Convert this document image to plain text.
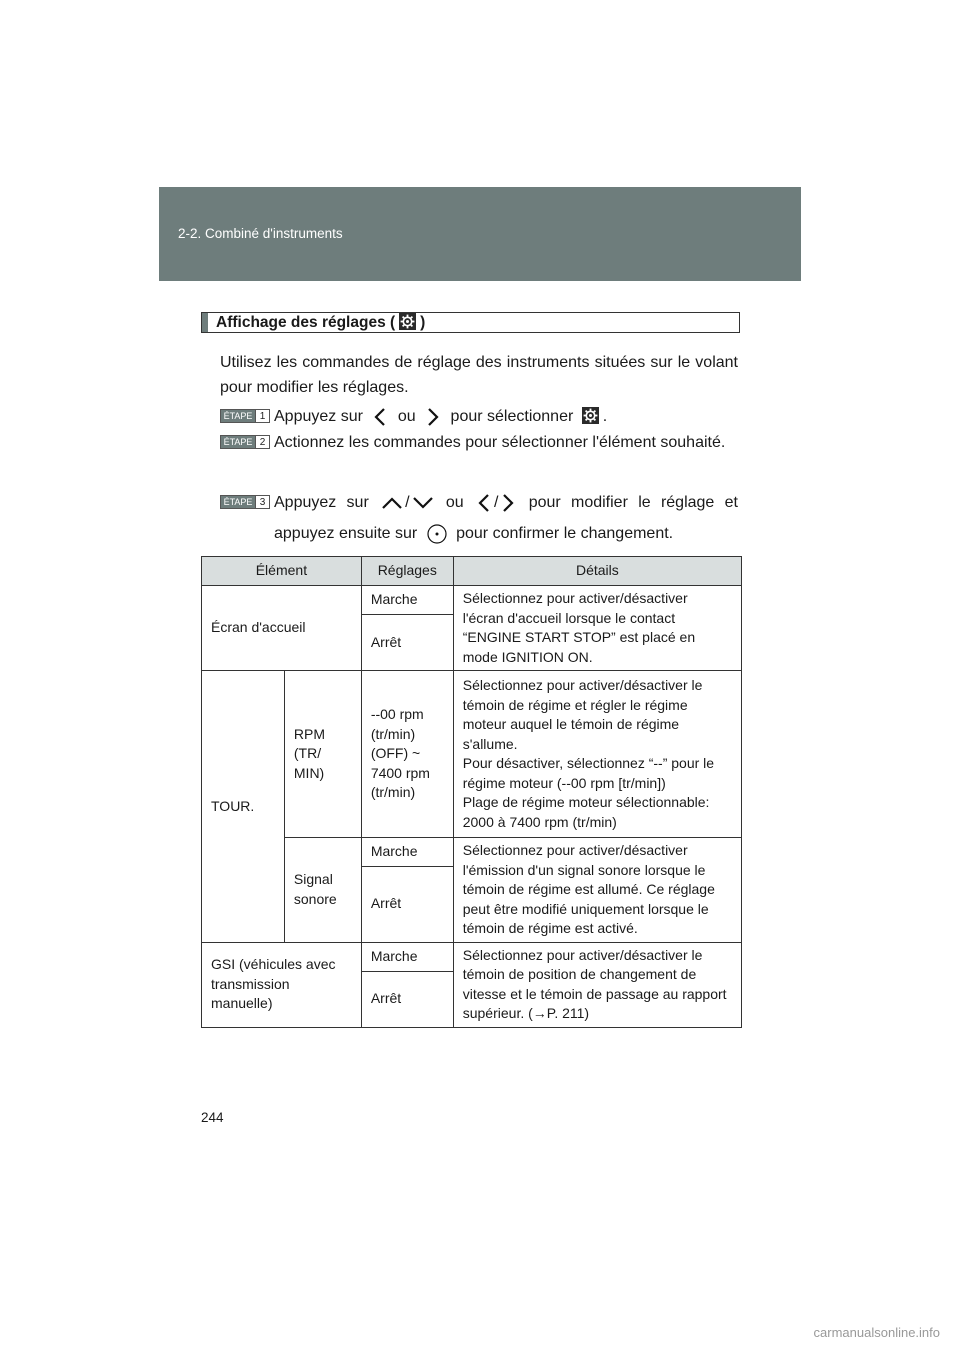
2-2. Combiné d'instruments
Affichage des réglages ( )
Utilisez les commandes de réglage des instruments situées sur le volant pour modifier les réglages.
ÉTAPE 1 Appuyez sur ou pour sélectionner .
ÉTAPE 2 Actionnez les commandes pour sélectionner l'élément souhaité.
ÉTAPE 3 Appuyez sur / ou / pour modifier le réglage et appuyez ensuite sur pour confirmer le changement.
Élément		Réglages	Détails
Écran d'accueil		Marche	Sélectionnez pour activer/désactiver l'écran d'accueil lorsque le contact “ENGINE START STOP” est placé en mode IGNITION ON.
		Arrêt	
TOUR.	RPM (TR/ MIN)	--00 rpm (tr/min) (OFF) ~ 7400 rpm (tr/min)	Sélectionnez pour activer/désactiver le témoin de régime et régler le régime moteur auquel le témoin de régime s'allume.
Pour désactiver, sélectionnez “--” pour le régime moteur (--00 rpm [tr/min])
Plage de régime moteur sélectionnable: 2000 à 7400 rpm (tr/min)

	Signal sonore	Marche	Sélectionnez pour activer/désactiver l'émission d'un signal sonore lorsque le témoin de régime est allumé. Ce réglage peut être modifié uniquement lorsque le témoin de régime est activé.
		Arrêt	
GSI (véhicules avec transmission manuelle)		Marche	Sélectionnez pour activer/désactiver le témoin de position de changement de vitesse et le témoin de passage au rapport supérieur. (→P. 211)
		Arrêt	
244
carmanualsonline.info
